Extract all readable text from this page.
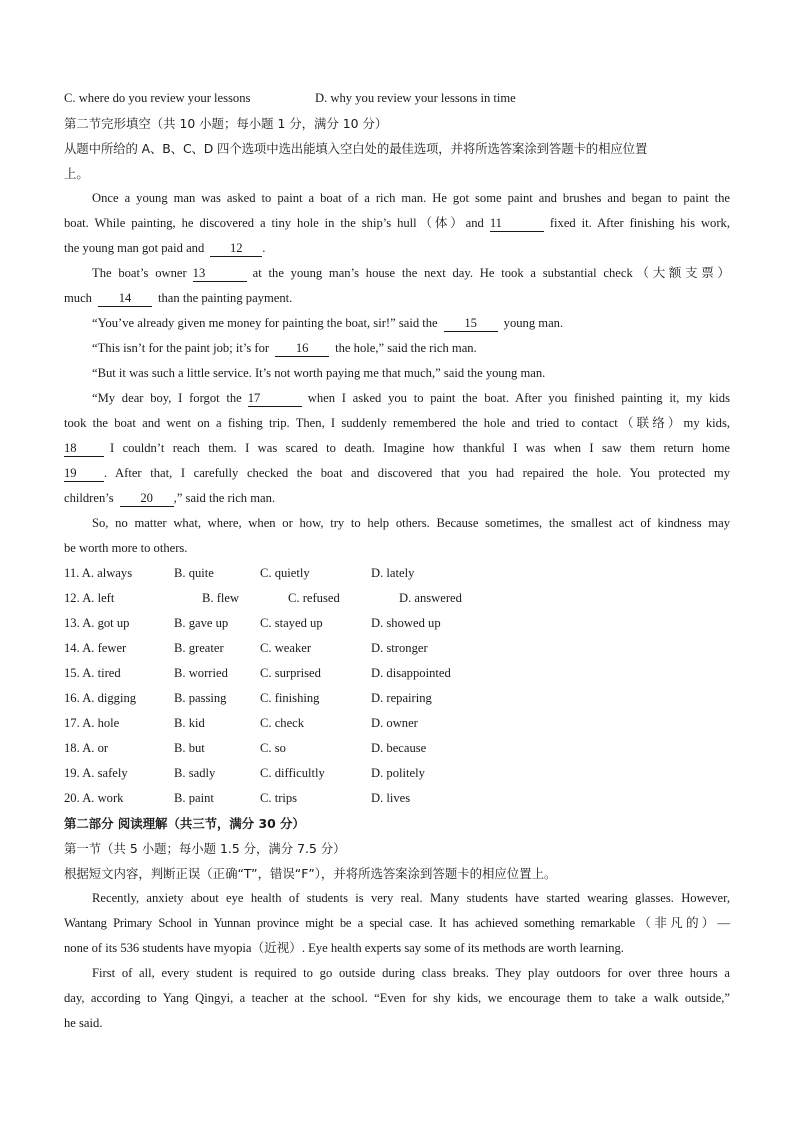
C. where do you review your lessons	D. why you review your lessons in time
第二节完形填空（共 10 小题；每小题 1 分，满分 10 分）
从题中所给的 A、B、C、D 四个选项中选出能填入空白处的最佳选项，并将所选答案涂到答题卡的相应位置
上。
Once a young man was asked to paint a boat of a rich man. He got some paint and brushes and began to paint the
boat. While painting, he discovered a tiny hole in the ship’s hull（体）and 11	fixed it. After finishing his work,
the young man got paid and 12 .
The boat’s owner 13	at the young man’s house the next day. He took a substantial check（大额支票）
much 14 than the painting payment.
“You’ve already given me money for painting the boat, sir!” said the 15 young man.
“This isn’t for the paint job; it’s for 16 the hole,” said the rich man.
“But it was such a little service. It’s not worth paying me that much,” said the young man.
“My dear boy, I forgot the 17	when I asked you to paint the boat. After you finished painting it, my kids
took the boat and went on a fishing trip. Then, I suddenly remembered the hole and tried to contact（联络）my kids,
18	I couldn’t reach them. I was scared to death. Imagine how thankful I was when I saw them return home
19 . After that, I carefully checked the boat and discovered that you had repaired the hole. You protected my
children’s 20 ,” said the rich man.
So, no matter what, where, when or how, try to help others. Because sometimes, the smallest act of kindness may
be worth more to others.
11. A. always	B. quite	C. quietly	D. lately
12. A. left	B. flew	C. refused	D. answered
13. A. got up	B. gave up	C. stayed up	D. showed up
14. A. fewer	B. greater	C. weaker	D. stronger
15. A. tired	B. worried	C. surprised	D. disappointed
16. A. digging	B. passing	C. finishing	D. repairing
17. A. hole	B. kid	C. check	D. owner
18. A. or	B. but	C. so	D. because
19. A. safely	B. sadly	C. difficultly	D. politely
20. A. work	B. paint	C. trips	D. lives
第二部分 阅读理解（共三节，满分 30 分）
第一节（共 5 小题；每小题 1.5 分，满分 7.5 分）
根据短文内容，判断正误（正确“T”，错误“F”），并将所选答案涂到答题卡的相应位置上。
Recently, anxiety about eye health of students is very real. Many students have started wearing glasses. However,
Wantang Primary School in Yunnan province might be a special case. It has achieved something remarkable（非凡的）—
none of its 536 students have myopia（近视）. Eye health experts say some of its methods are worth learning.
First of all, every student is required to go outside during class breaks. They play outdoors for over three hours a
day, according to Yang Qingyi, a teacher at the school. “Even for shy kids, we encourage them to take a walk outside,”
he said.
